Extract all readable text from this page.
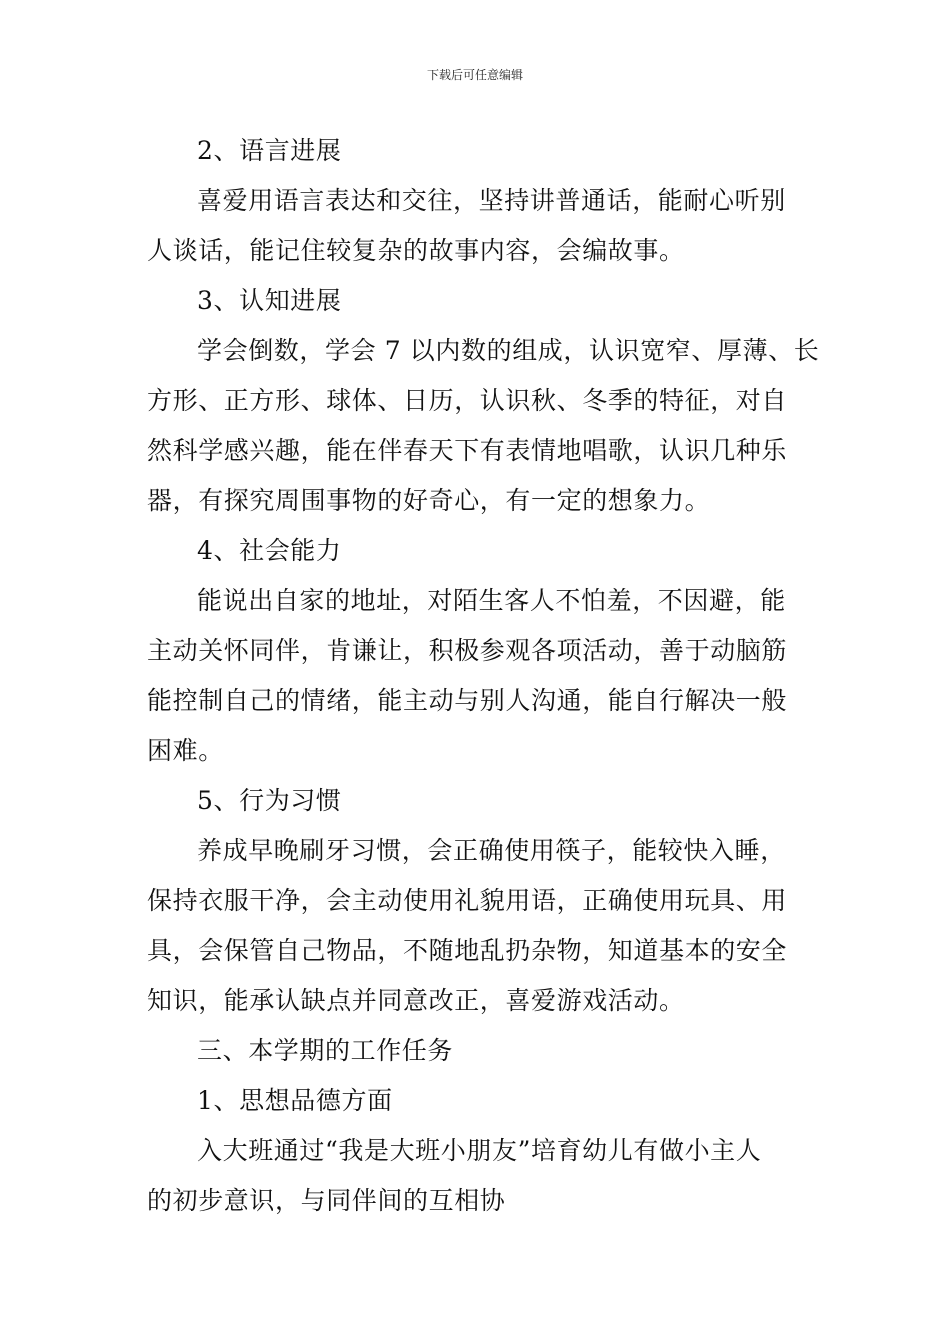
下载后可任意编辑
2、语言进展
喜爱用语言表达和交往，坚持讲普通话，能耐心听别
人谈话，能记住较复杂的故事内容，会编故事。
3、认知进展
学会倒数，学会 7 以内数的组成，认识宽窄、厚薄、长
方形、正方形、球体、日历，认识秋、冬季的特征，对自
然科学感兴趣，能在伴春天下有表情地唱歌，认识几种乐
器，有探究周围事物的好奇心，有一定的想象力。
4、社会能力
能说出自家的地址，对陌生客人不怕羞，不因避，能
主动关怀同伴，肯谦让，积极参观各项活动，善于动脑筋
能控制自己的情绪，能主动与别人沟通，能自行解决一般
困难。
5、行为习惯
养成早晚刷牙习惯，会正确使用筷子，能较快入睡，
保持衣服干净，会主动使用礼貌用语，正确使用玩具、用
具，会保管自己物品，不随地乱扔杂物，知道基本的安全
知识，能承认缺点并同意改正，喜爱游戏活动。
三、本学期的工作任务
1、思想品德方面
入大班通过“我是大班小朋友”培育幼儿有做小主人
的初步意识，与同伴间的互相协
